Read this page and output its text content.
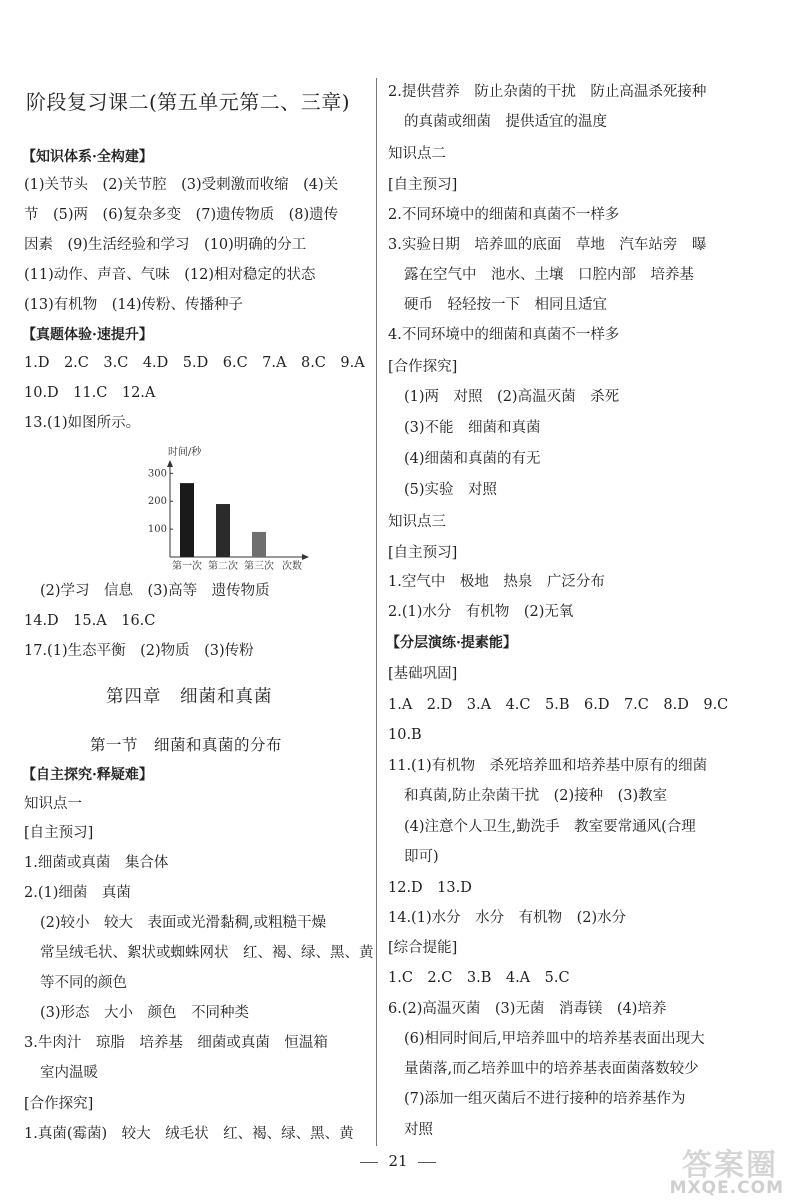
阶段复习课二(第五单元第二、三章)
【知识体系·全构建】
(1)关节头　(2)关节腔　(3)受刺激而收缩　(4)关
节　(5)两　(6)复杂多变　(7)遗传物质　(8)遗传
因素　(9)生活经验和学习　(10)明确的分工
(11)动作、声音、气味　(12)相对稳定的状态
(13)有机物　(14)传粉、传播种子
【真题体验·速提升】
1.D　2.C　3.C　4.D　5.D　6.C　7.A　8.C　9.A
10.D　11.C　12.A
13.(1)如图所示。
时间/秒
100
200
300
第一次 第二次 第三次 次数
(2)学习　信息　(3)高等　遗传物质
14.D　15.A　16.C
17.(1)生态平衡　(2)物质　(3)传粉
第四章　细菌和真菌
第一节　细菌和真菌的分布
【自主探究·释疑难】
知识点一
[自主预习]
1.细菌或真菌　集合体
2.(1)细菌　真菌
(2)较小　较大　表面或光滑黏稠,或粗糙干燥
常呈绒毛状、絮状或蜘蛛网状　红、褐、绿、黑、黄
等不同的颜色
(3)形态　大小　颜色　不同种类
3.牛肉汁　琼脂　培养基　细菌或真菌　恒温箱
室内温暖
[合作探究]
1.真菌(霉菌)　较大　绒毛状　红、褐、绿、黑、黄
2.提供营养　防止杂菌的干扰　防止高温杀死接种
的真菌或细菌　提供适宜的温度
知识点二
[自主预习]
2.不同环境中的细菌和真菌不一样多
3.实验日期　培养皿的底面　草地　汽车站旁　曝
露在空气中　池水、土壤　口腔内部　培养基
硬币　轻轻按一下　相同且适宜
4.不同环境中的细菌和真菌不一样多
[合作探究]
(1)两　对照　(2)高温灭菌　杀死
(3)不能　细菌和真菌
(4)细菌和真菌的有无
(5)实验　对照
知识点三
[自主预习]
1.空气中　极地　热泉　广泛分布
2.(1)水分　有机物　(2)无氧
【分层演练·提素能】
[基础巩固]
1.A　2.D　3.A　4.C　5.B　6.D　7.C　8.D　9.C
10.B
11.(1)有机物　杀死培养皿和培养基中原有的细菌
和真菌,防止杂菌干扰　(2)接种　(3)教室
(4)注意个人卫生,勤洗手　教室要常通风(合理
即可)
12.D　13.D
14.(1)水分　水分　有机物　(2)水分
[综合提能]
1.C　2.C　3.B　4.A　5.C
6.(2)高温灭菌　(3)无菌　消毒镁　(4)培养
(6)相同时间后,甲培养皿中的培养基表面出现大
量菌落,而乙培养皿中的培养基表面菌落数较少
(7)添加一组灭菌后不进行接种的培养基作为
对照
21	答案圈
MXQE.COM
